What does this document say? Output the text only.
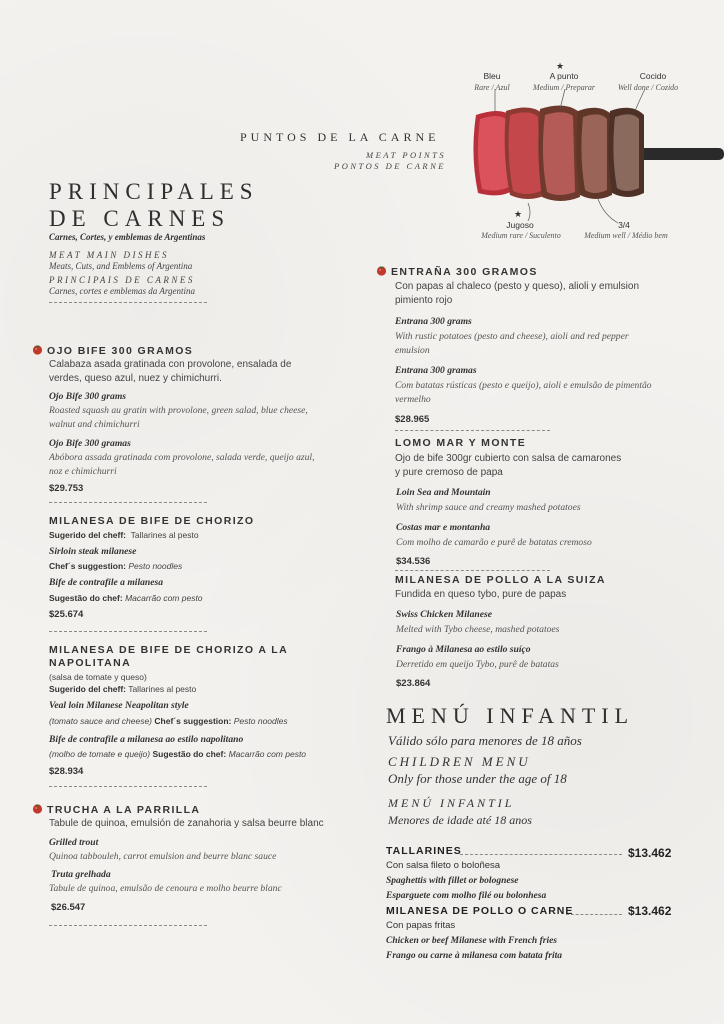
★
★
Bleu
Rare / Azul
A punto
Medium / Preparar
Cocido
Well done / Cozido
Jugoso
Medium rare / Suculento
3/4
Medium well / Médio bem
PUNTOS DE LA CARNE
MEAT POINTS
PONTOS DE CARNE
PRINCIPALES
DE CARNES
Carnes, Cortes, y emblemas de Argentinas
MEAT MAIN DISHES
Meats, Cuts, and Emblems of Argentina
PRINCIPAIS DE CARNES
Carnes, cortes e emblemas da Argentina
OJO BIFE 300 GRAMOS
Calabaza asada gratinada con provolone, ensalada de verdes, queso azul, nuez y chimichurri.
Ojo Bife 300 grams
Roasted squash au gratin with provolone, green salad, blue cheese, walnut and chimichurri
Ojo Bife 300 gramas
Abóbora assada gratinada com provolone, salada verde, queijo azul, noz e chimichurri
$29.753
MILANESA DE BIFE DE CHORIZO
Sugerido del cheff: Tallarines al pesto
Sirloin steak milanese
Chef´s suggestion: Pesto noodles
Bife de contrafile a milanesa
Sugestão do chef: Macarrão com pesto
$25.674
MILANESA DE BIFE DE CHORIZO A LA
NAPOLITANA
(salsa de tomate y queso)
Sugerido del cheff: Tallarines al pesto
Veal loin Milanese Neapolitan style
(tomato sauce and cheese) Chef´s suggestion: Pesto noodles
Bife de contrafile a milanesa ao estilo napolitano
(molho de tomate e queijo) Sugestão do chef: Macarrão com pesto
$28.934
TRUCHA A LA PARRILLA
Tabule de quinoa, emulsión de zanahoria y salsa beurre blanc
Grilled trout
Quinoa tabbouleh, carrot emulsion and beurre blanc sauce
Truta grelhada
Tabule de quinoa, emulsão de cenoura e molho beurre blanc
$26.547
ENTRAÑA 300 GRAMOS
Con papas al chaleco (pesto y queso), alioli y emulsion pimiento rojo
Entrana 300 grams
With rustic potatoes (pesto and cheese), aioli and red pepper emulsion
Entrana 300 gramas
Com batatas rústicas (pesto e queijo), aioli e emulsão de pimentão vermelho
$28.965
LOMO MAR Y MONTE
Ojo de bife 300gr cubierto con salsa de camarones y pure cremoso de papa
Loin Sea and Mountain
With shrimp sauce and creamy mashed potatoes
Costas mar e montanha
Com molho de camarão e purê de batatas cremoso
$34.536
MILANESA DE POLLO A LA SUIZA
Fundida en queso tybo, pure de papas
Swiss Chicken Milanese
Melted with Tybo cheese, mashed potatoes
Frango à Milanesa ao estilo suíço
Derretido em queijo Tybo, purê de batatas
$23.864
MENÚ INFANTIL
Válido sólo para menores de 18 años
CHILDREN MENU
Only for those under the age of 18
MENÚ INFANTIL
Menores de idade até 18 anos
TALLARINES	$13.462
Con salsa fileto o boloñesa
Spaghettis with fillet or bolognese
Esparguete com molho filé ou bolonhesa
MILANESA DE POLLO O CARNE	$13.462
Con papas fritas
Chicken or beef Milanese with French fries
Frango ou carne à milanesa com batata frita
